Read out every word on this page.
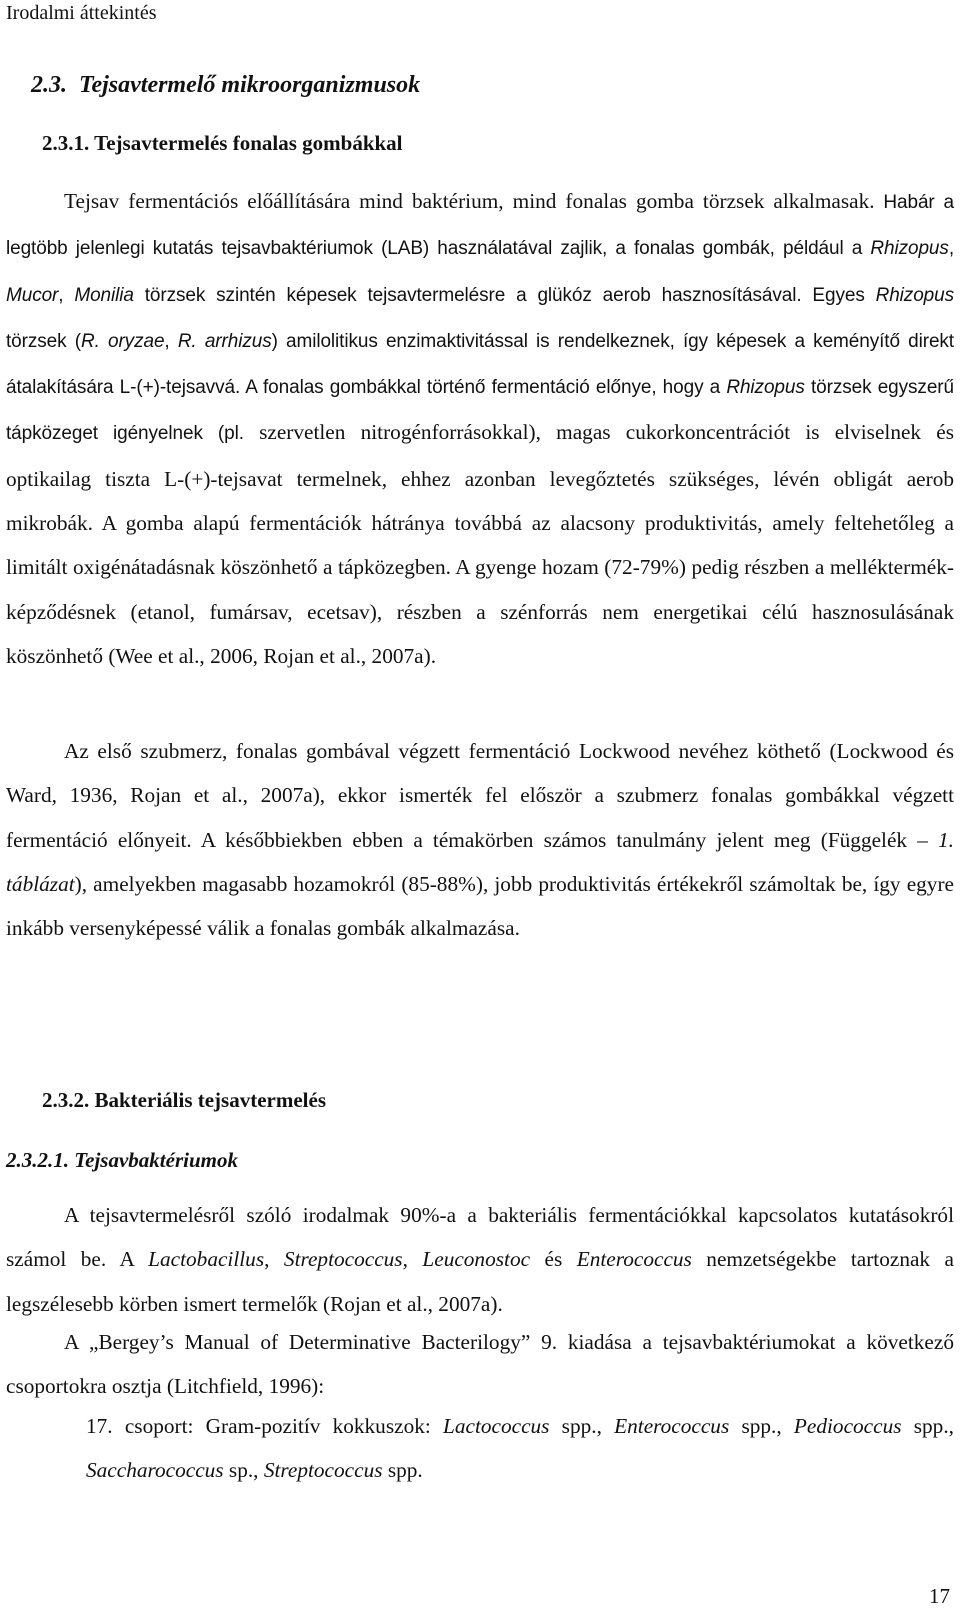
Irodalmi áttekintés
2.3. Tejsavtermelő mikroorganizmusok
2.3.1. Tejsavtermelés fonalas gombákkal

Tejsav fermentációs előállítására mind baktérium, mind fonalas gomba törzsek alkalmasak. Habár a legtöbb jelenlegi kutatás tejsavbaktériumok (LAB) használatával zajlik, a fonalas gombák, például a Rhizopus, Mucor, Monilia törzsek szintén képesek tejsavtermelésre a glükóz aerob hasznosításával. Egyes Rhizopus törzsek (R. oryzae, R. arrhizus) amilolitikus enzimaktivitással is rendelkeznek, így képesek a keményítő direkt átalakítására L-(+)-tejsavvá. A fonalas gombákkal történő fermentáció előnye, hogy a Rhizopus törzsek egyszerű tápközeget igényelnek (pl. szervetlen nitrogénforrásokkal), magas cukorkoncentrációt is elviselnek és optikailag tiszta L-(+)-tejsavat termelnek, ehhez azonban levegőztetés szükséges, lévén obligát aerob mikrobák. A gomba alapú fermentációk hátránya továbbá az alacsony produktivitás, amely feltehetőleg a limitált oxigénátadásnak köszönhető a tápközegben. A gyenge hozam (72-79%) pedig részben a melléktermék-képződésnek (etanol, fumársav, ecetsav), részben a szénforrás nem energetikai célú hasznosulásának köszönhető (Wee et al., 2006, Rojan et al., 2007a).

Az első szubmerz, fonalas gombával végzett fermentáció Lockwood nevéhez köthető (Lockwood és Ward, 1936, Rojan et al., 2007a), ekkor ismerték fel először a szubmerz fonalas gombákkal végzett fermentáció előnyeit. A későbbiekben ebben a témakörben számos tanulmány jelent meg (Függelék – 1. táblázat), amelyekben magasabb hozamokról (85-88%), jobb produktivitás értékekről számoltak be, így egyre inkább versenyképessé válik a fonalas gombák alkalmazása.

2.3.2. Bakteriális tejsavtermelés
2.3.2.1. Tejsavbaktériumok

A tejsavtermelésről szóló irodalmak 90%-a a bakteriális fermentációkkal kapcsolatos kutatásokról számol be. A Lactobacillus, Streptococcus, Leuconostoc és Enterococcus nemzetségekbe tartoznak a legszélesebb körben ismert termelők (Rojan et al., 2007a).

A „Bergey’s Manual of Determinative Bacterilogy” 9. kiadása a tejsavbaktériumokat a következő csoportokra osztja (Litchfield, 1996):

17. csoport: Gram-pozitív kokkuszok: Lactococcus spp., Enterococcus spp., Pediococcus spp., Saccharococcus sp., Streptococcus spp.

17
